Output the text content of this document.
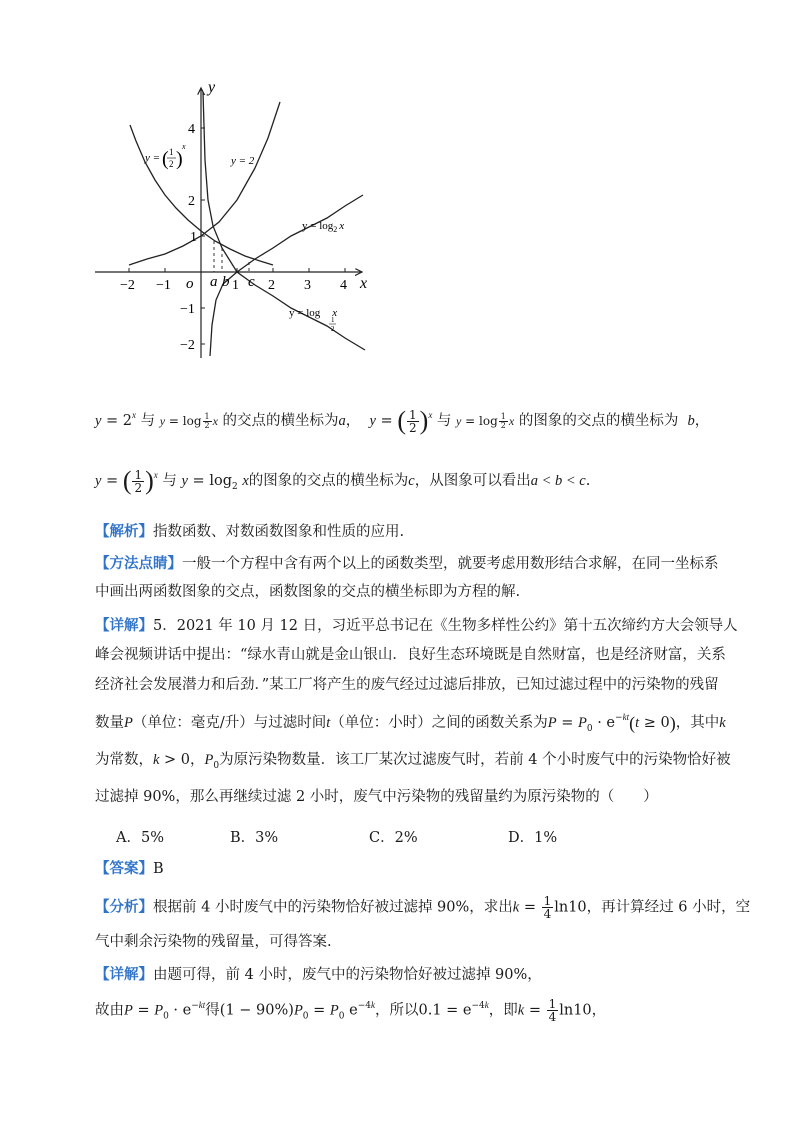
y
x
o
−2 −1	1 2 3 4
4
2
1
−1
−2
a b c
y = 2
$y = \log_2 x$
y = log x
1
2
y = ( 1
2 )
x
$y = 2^x$ 与 $y = \log \frac{1}{2}$ x 的交点的横坐标为a， y = ( $\frac{1}{2} )^x$ 与 $y = \log \frac{1}{2}$ x 的图象的交点的横坐标为 b，
y = ( $\frac{1}{2} )^x$ 与 $y = \log_2 x$的图象的交点的横坐标为c，从图象可以看出a < b < c.
【解析】指数函数、对数函数图象和性质的应用.
【方法点睛】一般一个方程中含有两个以上的函数类型，就要考虑用数形结合求解，在同一坐标系
中画出两函数图象的交点，函数图象的交点的横坐标即为方程的解.
【详解】5．2021 年 10 月 12 日，习近平总书记在《生物多样性公约》第十五次缔约方大会领导人
峰会视频讲话中提出：“绿水青山就是金山银山．良好生态环境既是自然财富，也是经济财富，关系
经济社会发展潜力和后劲．”某工厂将产生的废气经过过滤后排放，已知过滤过程中的污染物的残留
数量P（单位：毫克/升）与过滤时间t（单位：小时）之间的函数关系为$P = P_0 \cdot e^{-kt}(t \ge 0)$，其中k
为常数，k > 0，$P_0$为原污染物数量．该工厂某次过滤废气时，若前 4 个小时废气中的污染物恰好被
过滤掉 90%，那么再继续过滤 2 小时，废气中污染物的残留量约为原污染物的（　　）
A．5%	B．3%	C．2%	D．1%
【答案】B
【分析】根据前 4 小时废气中的污染物恰好被过滤掉 90%，求出$k = \frac{1}{4} \ln 10$，再计算经过 6 小时，空
气中剩余污染物的残留量，可得答案.
【详解】由题可得，前 4 小时，废气中的污染物恰好被过滤掉 90%，
故由$P = P_0 \cdot e^{-kt}$得$(1 - 90\%)P_0 = P_0$ $e^{-4k}$，所以$0.1 = e^{-4k}$，即$k = \frac{1}{4} \ln 10$，
